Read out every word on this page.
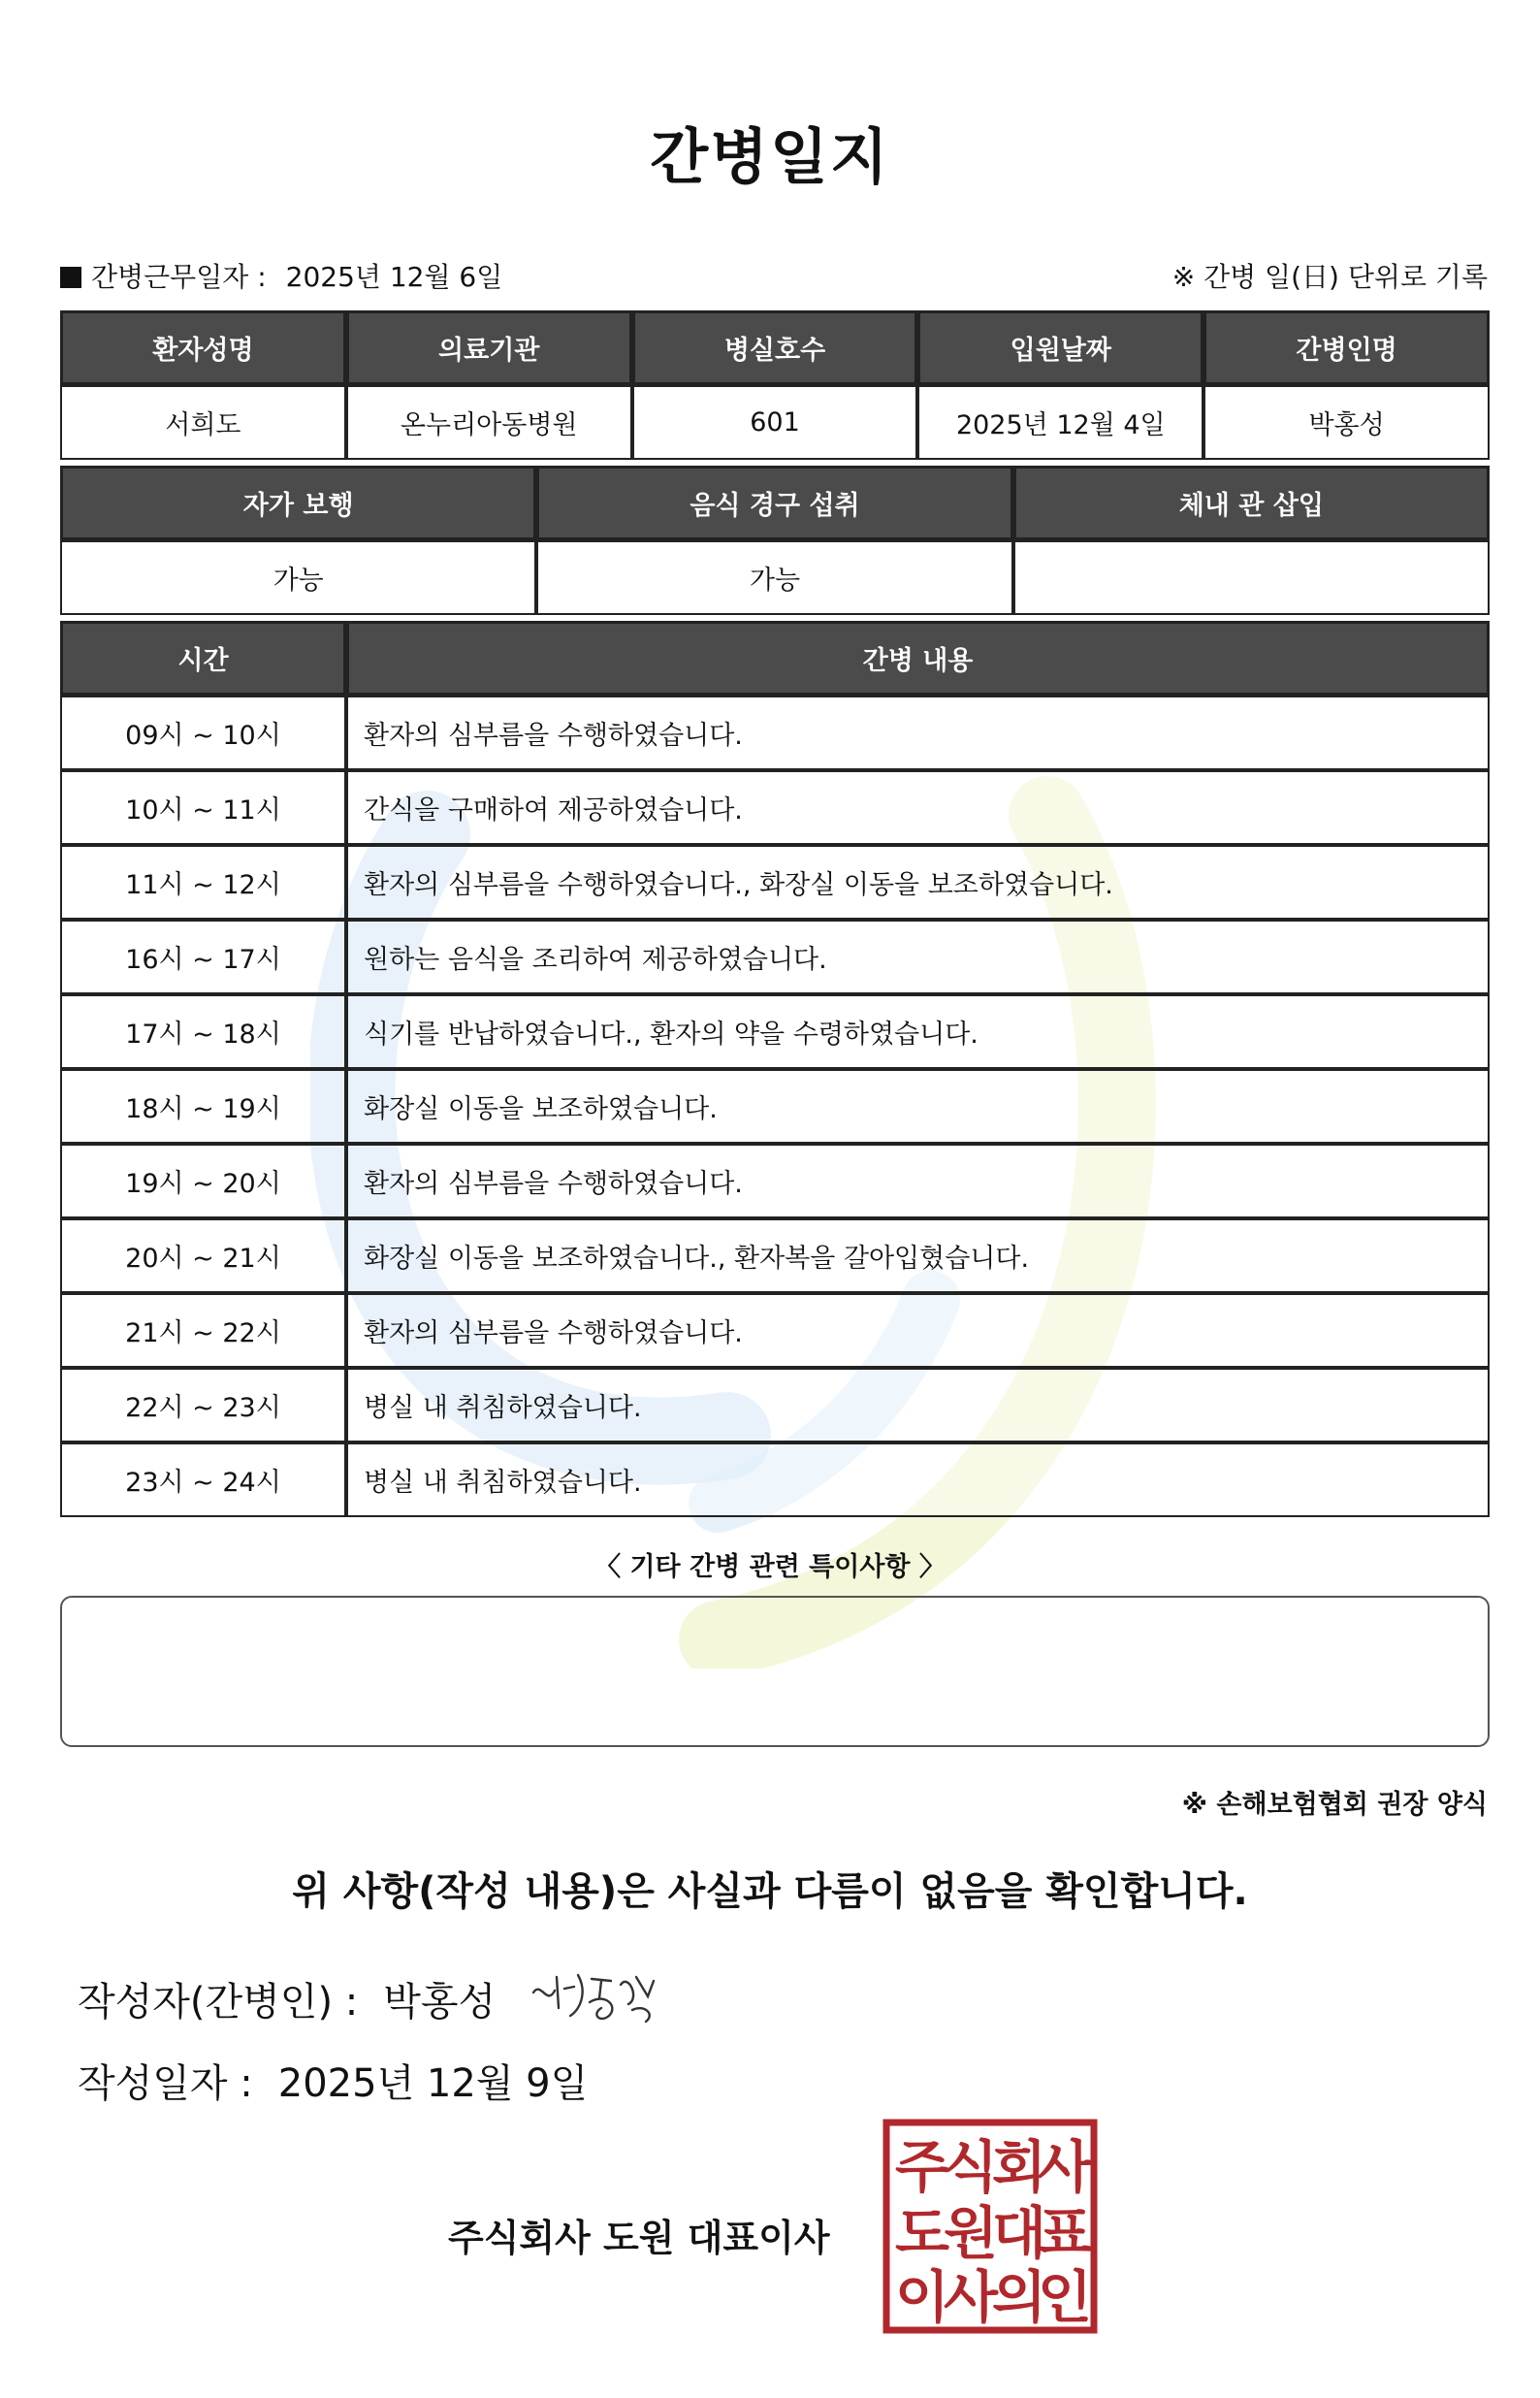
간병일지
간병근무일자 : 2025년 12월 6일	※ 간병 일(日) 단위로 기록
환자성명	의료기관	병실호수	입원날짜	간병인명
서희도	온누리아동병원	601	2025년 12월 4일	박홍성
자가 보행	음식 경구 섭취	체내 관 삽입
가능	가능
시간	간병 내용
09시 ~ 10시	환자의 심부름을 수행하였습니다.
10시 ~ 11시	간식을 구매하여 제공하였습니다.
11시 ~ 12시	환자의 심부름을 수행하였습니다., 화장실 이동을 보조하였습니다.
16시 ~ 17시	원하는 음식을 조리하여 제공하였습니다.
17시 ~ 18시	식기를 반납하였습니다., 환자의 약을 수령하였습니다.
18시 ~ 19시	화장실 이동을 보조하였습니다.
19시 ~ 20시	환자의 심부름을 수행하였습니다.
20시 ~ 21시	화장실 이동을 보조하였습니다., 환자복을 갈아입혔습니다.
21시 ~ 22시	환자의 심부름을 수행하였습니다.
22시 ~ 23시	병실 내 취침하였습니다.
23시 ~ 24시	병실 내 취침하였습니다.
〈 기타 간병 관련 특이사항 〉
※ 손해보험협회 권장 양식
위 사항(작성 내용)은 사실과 다름이 없음을 확인합니다.
작성자(간병인) : 박홍성
작성일자 : 2025년 12월 9일
주식회사 도원 대표이사
주
식
회
사
도
원
대
표
이
사
의
인
